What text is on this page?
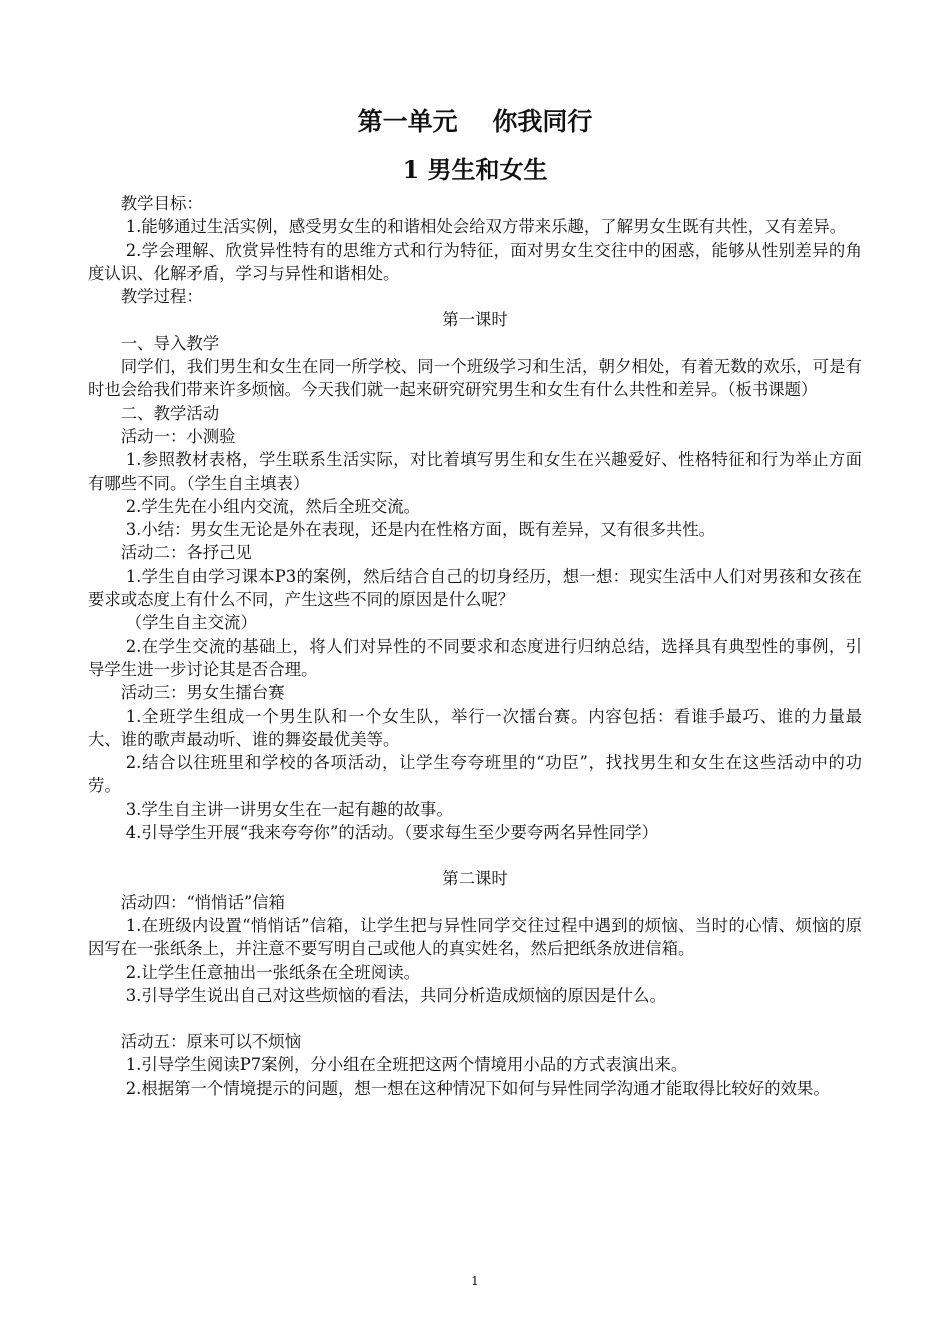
第一单元    你我同行
1 男生和女生

教学目标：

1.能够通过生活实例，感受男女生的和谐相处会给双方带来乐趣，了解男女生既有共性，又有差异。

2.学会理解、欣赏异性特有的思维方式和行为特征，面对男女生交往中的困惑，能够从性别差异的角度认识、化解矛盾，学习与异性和谐相处。

教学过程：

第一课时

一、导入教学

同学们，我们男生和女生在同一所学校、同一个班级学习和生活，朝夕相处，有着无数的欢乐，可是有时也会给我们带来许多烦恼。今天我们就一起来研究研究男生和女生有什么共性和差异。（板书课题）

二、教学活动

活动一：小测验

1.参照教材表格，学生联系生活实际，对比着填写男生和女生在兴趣爱好、性格特征和行为举止方面有哪些不同。（学生自主填表）

2.学生先在小组内交流，然后全班交流。

3.小结：男女生无论是外在表现，还是内在性格方面，既有差异，又有很多共性。

活动二：各抒己见

1.学生自由学习课本P3的案例，然后结合自己的切身经历，想一想：现实生活中人们对男孩和女孩在要求或态度上有什么不同，产生这些不同的原因是什么呢？

（学生自主交流）

2.在学生交流的基础上，将人们对异性的不同要求和态度进行归纳总结，选择具有典型性的事例，引导学生进一步讨论其是否合理。

活动三：男女生擂台赛

1.全班学生组成一个男生队和一个女生队，举行一次擂台赛。内容包括：看谁手最巧、谁的力量最大、谁的歌声最动听、谁的舞姿最优美等。

2.结合以往班里和学校的各项活动，让学生夸夸班里的“功臣”，找找男生和女生在这些活动中的功劳。

3.学生自主讲一讲男女生在一起有趣的故事。

4.引导学生开展“我来夸夸你”的活动。（要求每生至少要夸两名异性同学）

第二课时

活动四：“悄悄话”信箱

1.在班级内设置“悄悄话”信箱，让学生把与异性同学交往过程中遇到的烦恼、当时的心情、烦恼的原因写在一张纸条上，并注意不要写明自己或他人的真实姓名，然后把纸条放进信箱。

2.让学生任意抽出一张纸条在全班阅读。

3.引导学生说出自己对这些烦恼的看法，共同分析造成烦恼的原因是什么。

活动五：原来可以不烦恼

1.引导学生阅读P7案例，分小组在全班把这两个情境用小品的方式表演出来。

2.根据第一个情境提示的问题，想一想在这种情况下如何与异性同学沟通才能取得比较好的效果。

1
